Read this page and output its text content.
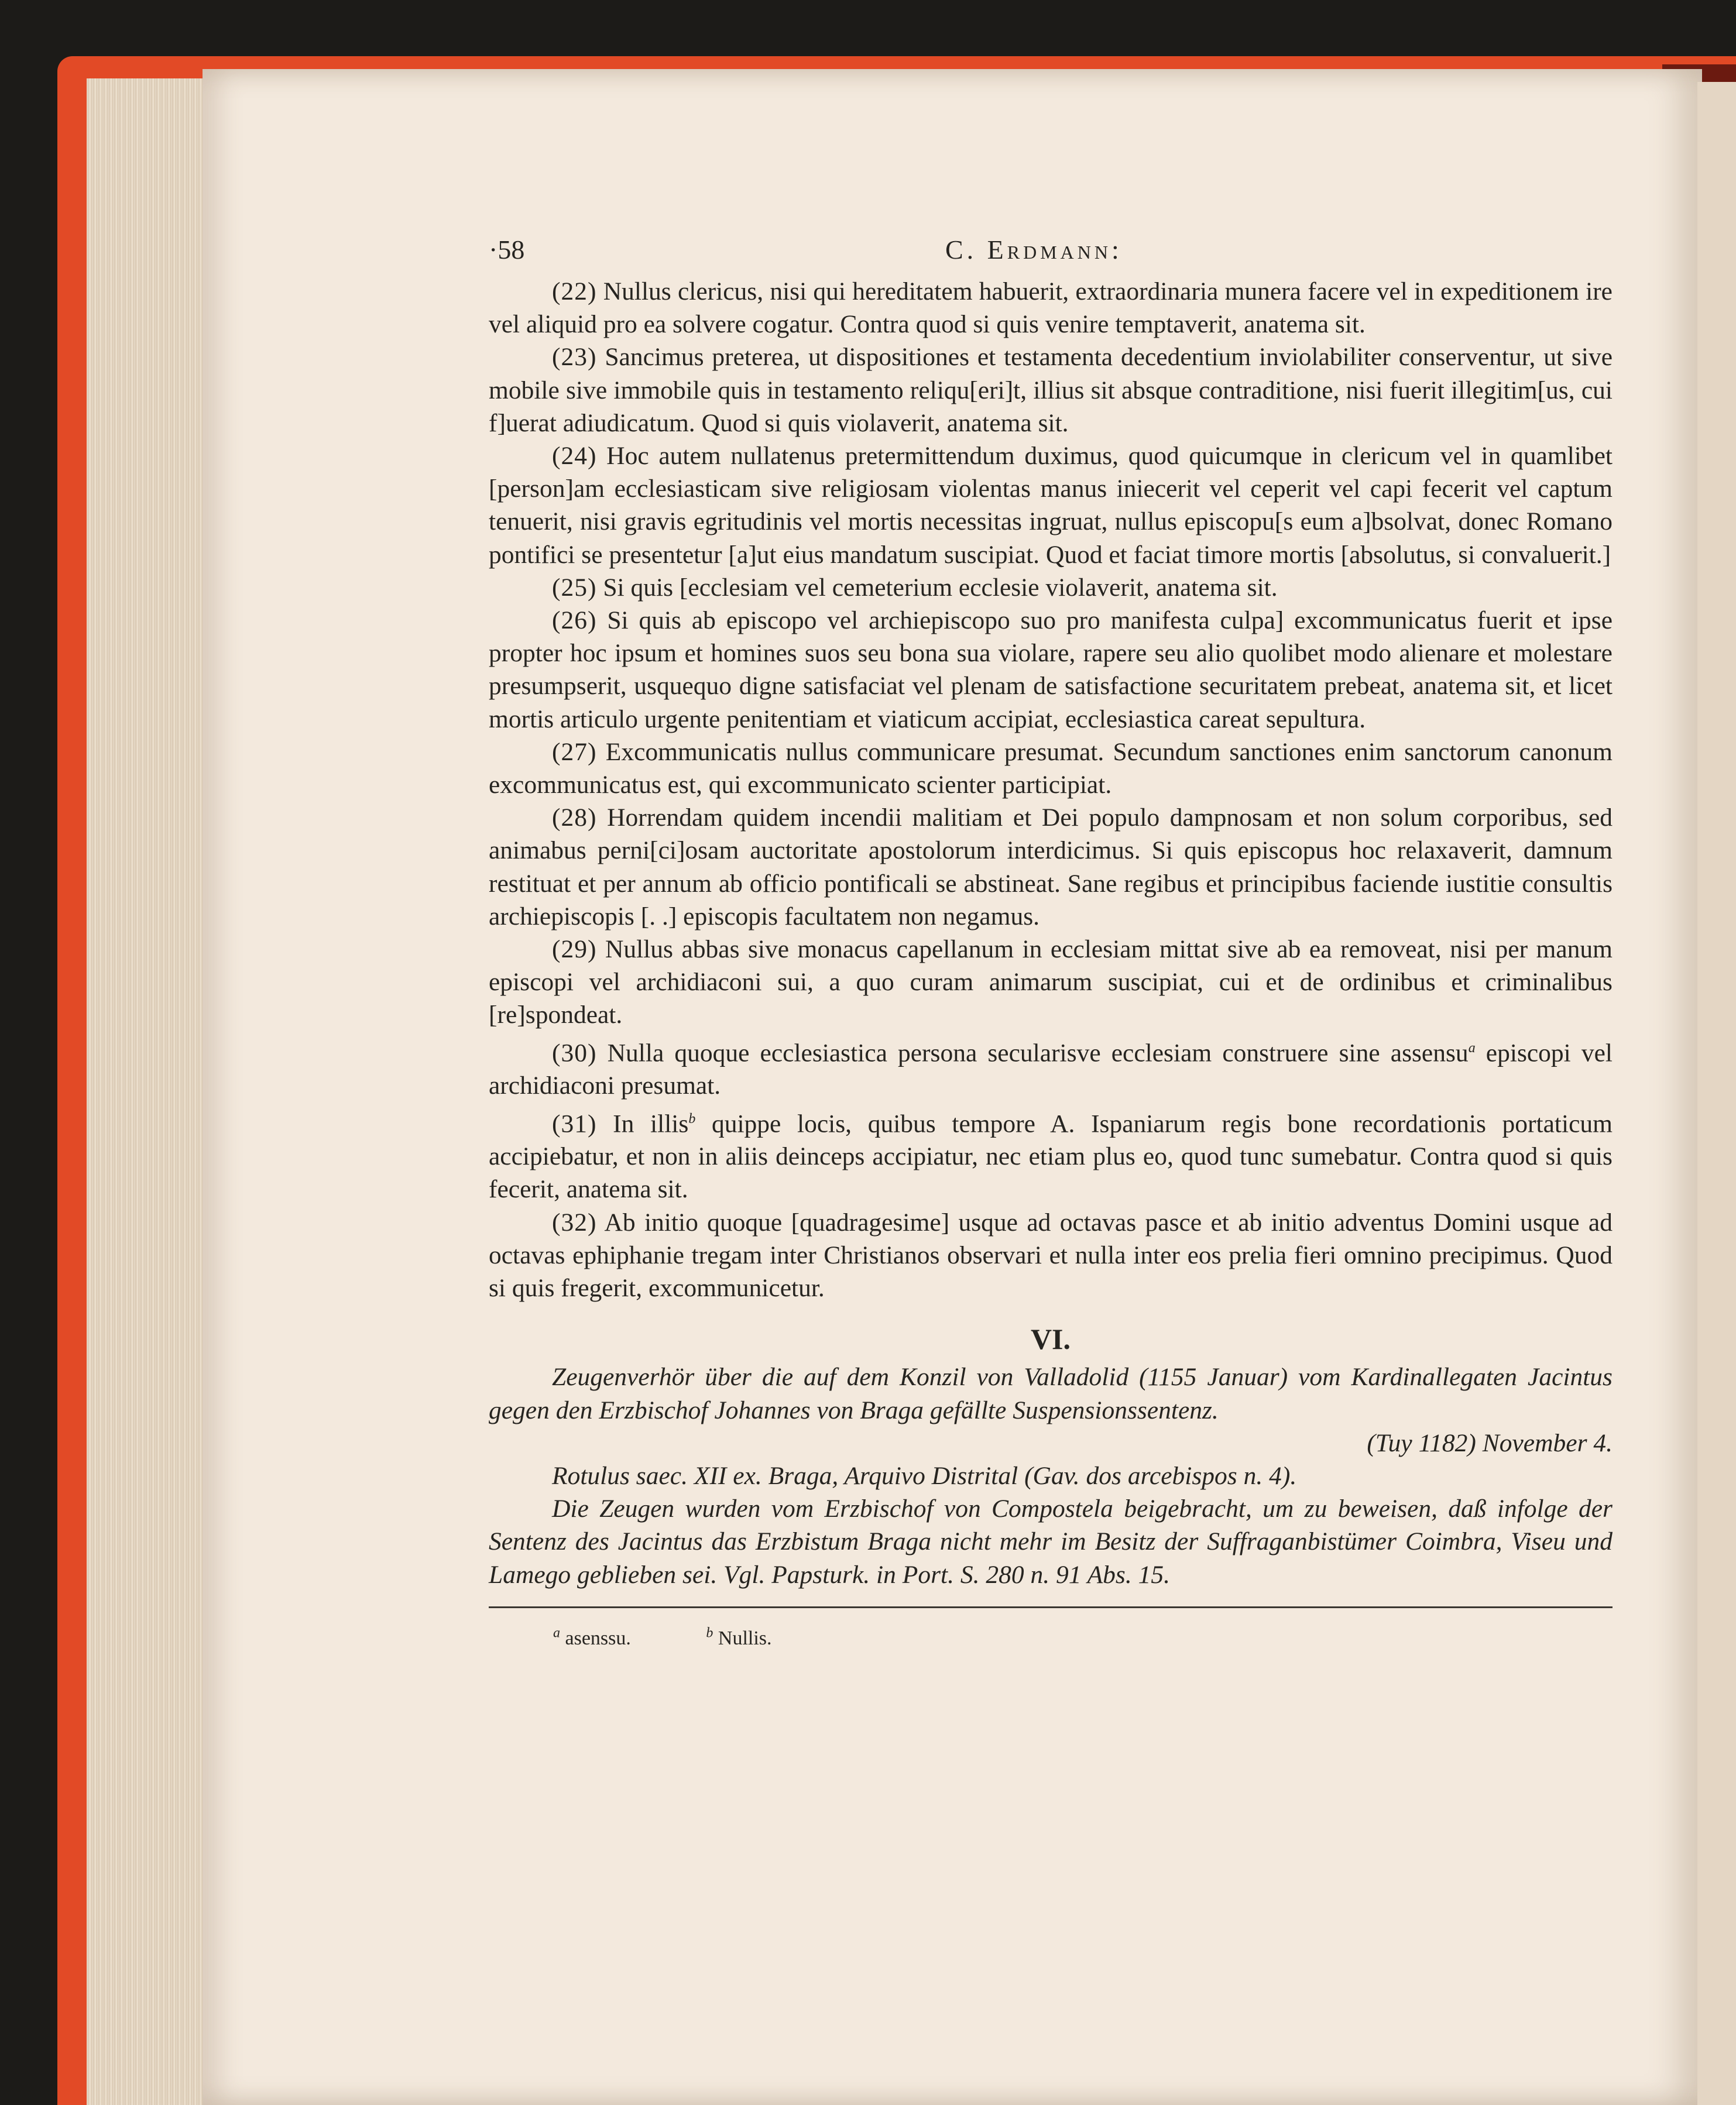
·58	C. Erdmann:

(22) Nullus clericus, nisi qui hereditatem habuerit, extraordinaria munera facere vel in expeditionem ire vel aliquid pro ea solvere cogatur. Contra quod si quis venire temptaverit, anatema sit.

(23) Sancimus preterea, ut dispositiones et testamenta decedentium inviolabiliter conserventur, ut sive mobile sive immobile quis in testamento reliqu[eri]t, illius sit absque contraditione, nisi fuerit illegitim[us, cui f]uerat adiudicatum. Quod si quis violaverit, anatema sit.

(24) Hoc autem nullatenus pretermittendum duximus, quod quicumque in clericum vel in quamlibet [person]am ecclesiasticam sive religiosam violentas manus iniecerit vel ceperit vel capi fecerit vel captum tenuerit, nisi gravis egritudinis vel mortis necessitas ingruat, nullus episcopu[s eum a]bsolvat, donec Romano pontifici se presentetur [a]ut eius mandatum suscipiat. Quod et faciat timore mortis [absolutus, si convaluerit.]

(25) Si quis [ecclesiam vel cemeterium ecclesie violaverit, anatema sit.

(26) Si quis ab episcopo vel archiepiscopo suo pro manifesta culpa] excommunicatus fuerit et ipse propter hoc ipsum et homines suos seu bona sua violare, rapere seu alio quolibet modo alienare et molestare presumpserit, usquequo digne satisfaciat vel plenam de satisfactione securitatem prebeat, anatema sit, et licet mortis articulo urgente penitentiam et viaticum accipiat, ecclesiastica careat sepultura.

(27) Excommunicatis nullus communicare presumat. Secundum sanctiones enim sanctorum canonum excommunicatus est, qui excommunicato scienter participiat.

(28) Horrendam quidem incendii malitiam et Dei populo dampnosam et non solum corporibus, sed animabus perni[ci]osam auctoritate apostolorum interdicimus. Si quis episcopus hoc relaxaverit, damnum restituat et per annum ab officio pontificali se abstineat. Sane regibus et principibus faciende iustitie consultis archiepiscopis [. .] episcopis facultatem non negamus.

(29) Nullus abbas sive monacus capellanum in ecclesiam mittat sive ab ea removeat, nisi per manum episcopi vel archidiaconi sui, a quo curam animarum suscipiat, cui et de ordinibus et criminalibus [re]spondeat.

(30) Nulla quoque ecclesiastica persona secularisve ecclesiam construere sine assensu$^a$ episcopi vel archidiaconi presumat.

(31) In illis$^b$ quippe locis, quibus tempore A. Ispaniarum regis bone recordationis portaticum accipiebatur, et non in aliis deinceps accipiatur, nec etiam plus eo, quod tunc sumebatur. Contra quod si quis fecerit, anatema sit.

(32) Ab initio quoque [quadragesime] usque ad octavas pasce et ab initio adventus Domini usque ad octavas ephiphanie tregam inter Christianos observari et nulla inter eos prelia fieri omnino precipimus. Quod si quis fregerit, excommunicetur.

VI.

Zeugenverhör über die auf dem Konzil von Valladolid (1155 Januar) vom Kardinallegaten Jacintus gegen den Erzbischof Johannes von Braga gefällte Suspensionssentenz.

(Tuy 1182) November 4.

Rotulus saec. XII ex. Braga, Arquivo Distrital (Gav. dos arcebispos n. 4).

Die Zeugen wurden vom Erzbischof von Compostela beigebracht, um zu beweisen, daß infolge der Sentenz des Jacintus das Erzbistum Braga nicht mehr im Besitz der Suffraganbistümer Coimbra, Viseu und Lamego geblieben sei. Vgl. Papsturk. in Port. S. 280 n. 91 Abs. 15.

$^a$ asenssu.	$^b$ Nullis.
